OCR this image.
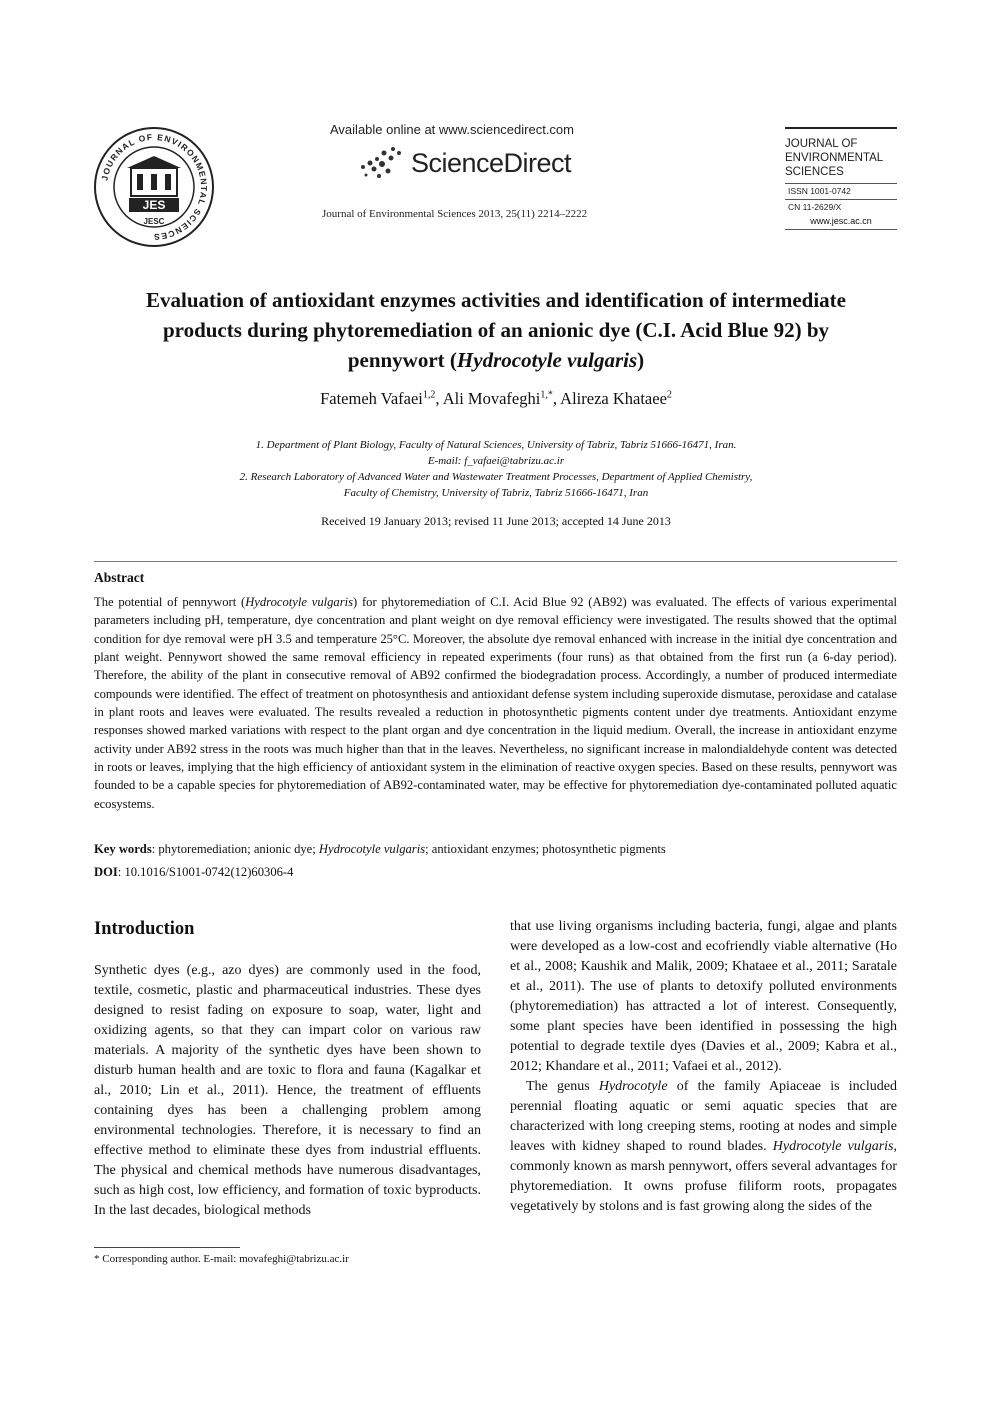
JOURNAL OF ENVIRONMENTAL SCIENCES
JES
JESC
Available online at www.sciencedirect.com
ScienceDirect
Journal of Environmental Sciences 2013, 25(11) 2214–2222
JOURNAL OF
ENVIRONMENTAL
SCIENCES
ISSN 1001-0742
CN 11-2629/X
www.jesc.ac.cn
Evaluation of antioxidant enzymes activities and identification of intermediate
products during phytoremediation of an anionic dye (C.I. Acid Blue 92) by
pennywort (Hydrocotyle vulgaris)
Fatemeh Vafaei$^{1,2}$, Ali Movafeghi$^{1,*}$, Alireza Khataee$^2$
1. Department of Plant Biology, Faculty of Natural Sciences, University of Tabriz, Tabriz 51666-16471, Iran.
E-mail: f_vafaei@tabrizu.ac.ir
2. Research Laboratory of Advanced Water and Wastewater Treatment Processes, Department of Applied Chemistry,
Faculty of Chemistry, University of Tabriz, Tabriz 51666-16471, Iran
Received 19 January 2013; revised 11 June 2013; accepted 14 June 2013
Abstract
The potential of pennywort (Hydrocotyle vulgaris) for phytoremediation of C.I. Acid Blue 92 (AB92) was evaluated. The effects of various experimental parameters including pH, temperature, dye concentration and plant weight on dye removal efficiency were investigated. The results showed that the optimal condition for dye removal were pH 3.5 and temperature 25°C. Moreover, the absolute dye removal enhanced with increase in the initial dye concentration and plant weight. Pennywort showed the same removal efficiency in repeated experiments (four runs) as that obtained from the first run (a 6-day period). Therefore, the ability of the plant in consecutive removal of AB92 confirmed the biodegradation process. Accordingly, a number of produced intermediate compounds were identified. The effect of treatment on photosynthesis and antioxidant defense system including superoxide dismutase, peroxidase and catalase in plant roots and leaves were evaluated. The results revealed a reduction in photosynthetic pigments content under dye treatments. Antioxidant enzyme responses showed marked variations with respect to the plant organ and dye concentration in the liquid medium. Overall, the increase in antioxidant enzyme activity under AB92 stress in the roots was much higher than that in the leaves. Nevertheless, no significant increase in malondialdehyde content was detected in roots or leaves, implying that the high efficiency of antioxidant system in the elimination of reactive oxygen species. Based on these results, pennywort was founded to be a capable species for phytoremediation of AB92-contaminated water, may be effective for phytoremediation dye-contaminated polluted aquatic ecosystems.
Key words: phytoremediation; anionic dye; Hydrocotyle vulgaris; antioxidant enzymes; photosynthetic pigments
DOI: 10.1016/S1001-0742(12)60306-4
Introduction

Synthetic dyes (e.g., azo dyes) are commonly used in the food, textile, cosmetic, plastic and pharmaceutical industries. These dyes designed to resist fading on exposure to soap, water, light and oxidizing agents, so that they can impart color on various raw materials. A majority of the synthetic dyes have been shown to disturb human health and are toxic to flora and fauna (Kagalkar et al., 2010; Lin et al., 2011). Hence, the treatment of effluents containing dyes has been a challenging problem among environmental technologies. Therefore, it is necessary to find an effective method to eliminate these dyes from industrial effluents. The physical and chemical methods have numerous disadvantages, such as high cost, low efficiency, and formation of toxic byproducts. In the last decades, biological methods

that use living organisms including bacteria, fungi, algae and plants were developed as a low-cost and ecofriendly viable alternative (Ho et al., 2008; Kaushik and Malik, 2009; Khataee et al., 2011; Saratale et al., 2011). The use of plants to detoxify polluted environments (phytoremediation) has attracted a lot of interest. Consequently, some plant species have been identified in possessing the high potential to degrade textile dyes (Davies et al., 2009; Kabra et al., 2012; Khandare et al., 2011; Vafaei et al., 2012).

The genus Hydrocotyle of the family Apiaceae is included perennial floating aquatic or semi aquatic species that are characterized with long creeping stems, rooting at nodes and simple leaves with kidney shaped to round blades. Hydrocotyle vulgaris, commonly known as marsh pennywort, offers several advantages for phytoremediation. It owns profuse filiform roots, propagates vegetatively by stolons and is fast growing along the sides of the

* Corresponding author. E-mail: movafeghi@tabrizu.ac.ir
